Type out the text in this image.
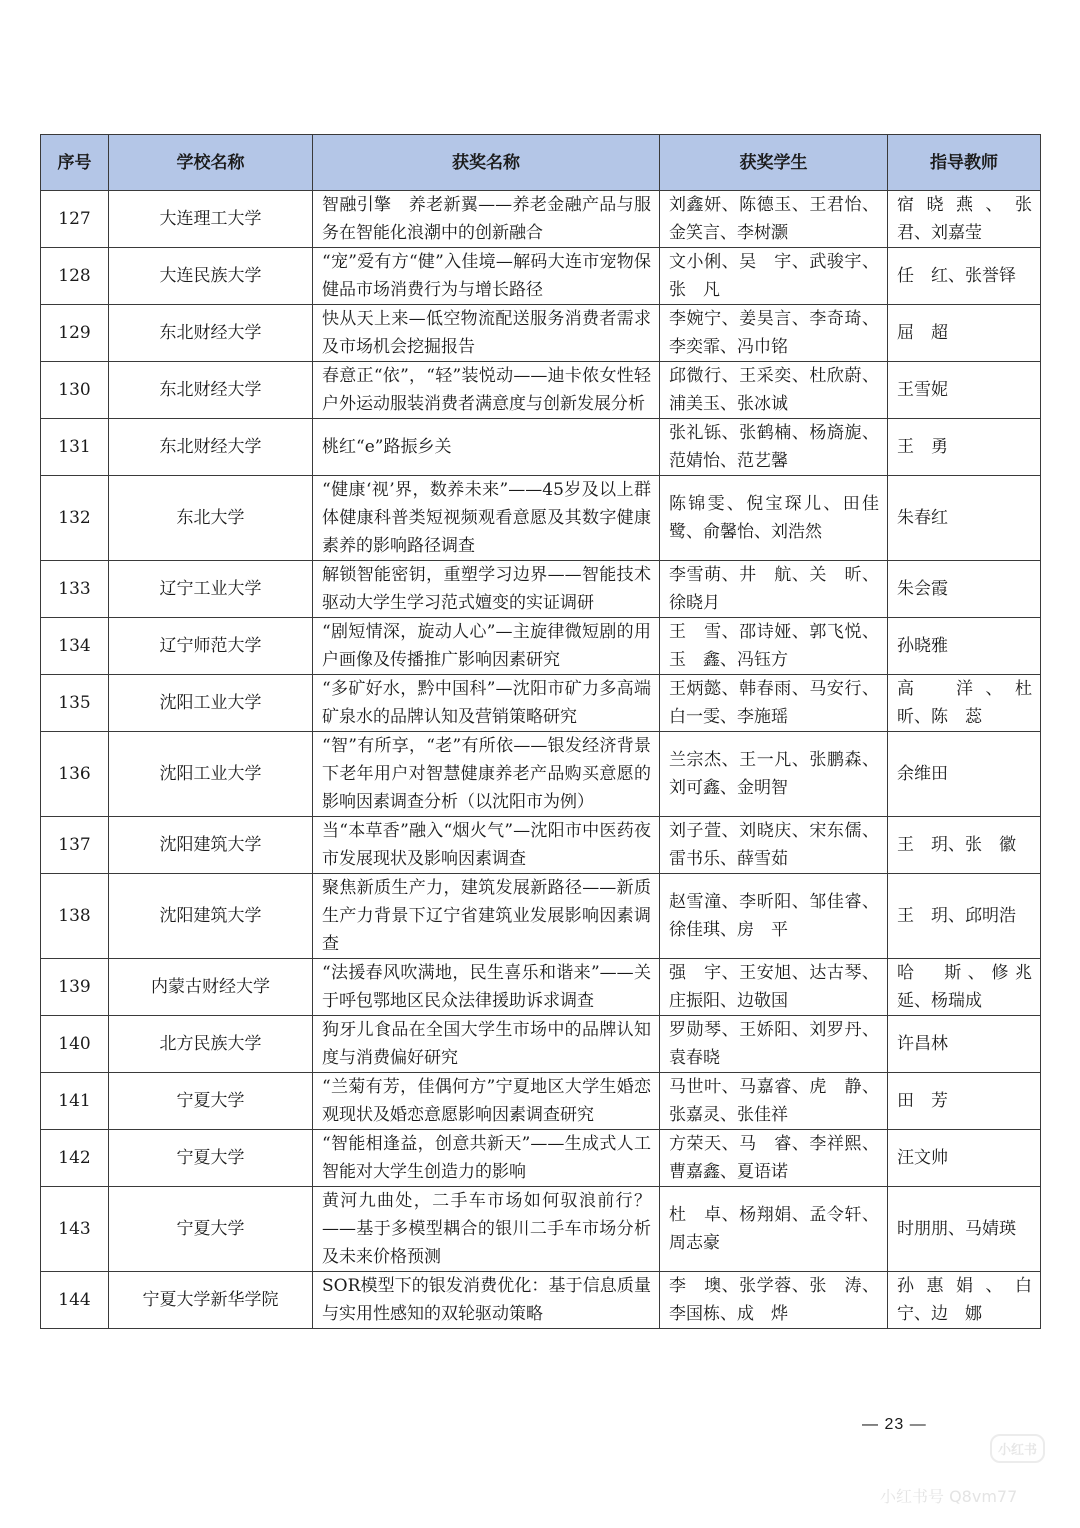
序号	学校名称	获奖名称	获奖学生	指导教师
127	大连理工大学	智融引擎　养老新翼——养老金融产品与服务在智能化浪潮中的创新融合	刘鑫妍、陈德玉、王君怡、金笑言、李树灏	宿晓燕、张　君、刘嘉莹
128	大连民族大学	“宠”爱有方“健”入佳境—解码大连市宠物保健品市场消费行为与增长路径	文小俐、吴　宇、武骏宇、张　凡	任　红、张誉铎
129	东北财经大学	快从天上来—低空物流配送服务消费者需求及市场机会挖掘报告	李婉宁、姜昊言、李奇琦、李奕霏、冯巾铭	屈　超
130	东北财经大学	春意正“依”，“轻”装悦动——迪卡侬女性轻户外运动服装消费者满意度与创新发展分析	邱微行、王采奕、杜欣蔚、浦美玉、张冰诚	王雪妮
131	东北财经大学	桃红“e”路振乡关	张礼铄、张鹤楠、杨旖旎、范婧怡、范艺馨	王　勇
132	东北大学	“健康‘视’界，数养未来”——45岁及以上群体健康科普类短视频观看意愿及其数字健康素养的影响路径调查	陈锦雯、倪宝琛儿、田佳鹭、俞馨怡、刘浩然	朱春红
133	辽宁工业大学	解锁智能密钥，重塑学习边界——智能技术驱动大学生学习范式嬗变的实证调研	李雪萌、井　航、关　昕、徐晓月	朱会霞
134	辽宁师范大学	“剧短情深，旋动人心”—主旋律微短剧的用户画像及传播推广影响因素研究	王　雪、邵诗娅、郭飞悦、玉　鑫、冯钰方	孙晓雅
135	沈阳工业大学	“多矿好水，黔中国科”—沈阳市矿力多高端矿泉水的品牌认知及营销策略研究	王炳懿、韩春雨、马安行、白一雯、李施瑶	高　洋、杜　昕、陈　蕊
136	沈阳工业大学	“智”有所享，“老”有所依——银发经济背景下老年用户对智慧健康养老产品购买意愿的影响因素调查分析（以沈阳市为例）	兰宗杰、王一凡、张鹏森、刘可鑫、金明智	余维田
137	沈阳建筑大学	当“本草香”融入“烟火气”—沈阳市中医药夜市发展现状及影响因素调查	刘子萱、刘晓庆、宋东儒、雷书乐、薛雪茹	王　玥、张　徽
138	沈阳建筑大学	聚焦新质生产力，建筑发展新路径——新质生产力背景下辽宁省建筑业发展影响因素调查	赵雪潼、李昕阳、邹佳睿、徐佳琪、房　平	王　玥、邱明浩
139	内蒙古财经大学	“法援春风吹满地，民生喜乐和谐来”——关于呼包鄂地区民众法律援助诉求调查	强　宇、王安旭、达古琴、庄振阳、边敬国	哈　斯、修兆延、杨瑞成
140	北方民族大学	狗牙儿食品在全国大学生市场中的品牌认知度与消费偏好研究	罗勋琴、王娇阳、刘罗丹、袁春晓	许昌林
141	宁夏大学	“兰菊有芳，佳偶何方”宁夏地区大学生婚恋观现状及婚恋意愿影响因素调查研究	马世叶、马嘉睿、虎　静、张嘉灵、张佳祥	田　芳
142	宁夏大学	“智能相逢益，创意共新天”——生成式人工智能对大学生创造力的影响	方荣天、马　睿、李祥熙、曹嘉鑫、夏语诺	汪文帅
143	宁夏大学	黄河九曲处，二手车市场如何驭浪前行？——基于多模型耦合的银川二手车市场分析及未来价格预测	杜　卓、杨翔娟、孟令轩、周志豪	时朋朋、马婧瑛
144	宁夏大学新华学院	SOR模型下的银发消费优化：基于信息质量与实用性感知的双轮驱动策略	李　墺、张学蓉、张　涛、李国栋、成　烨	孙惠娟、白　宁、边　娜
— 23 —
小红书
小红书号 Q8vm77
